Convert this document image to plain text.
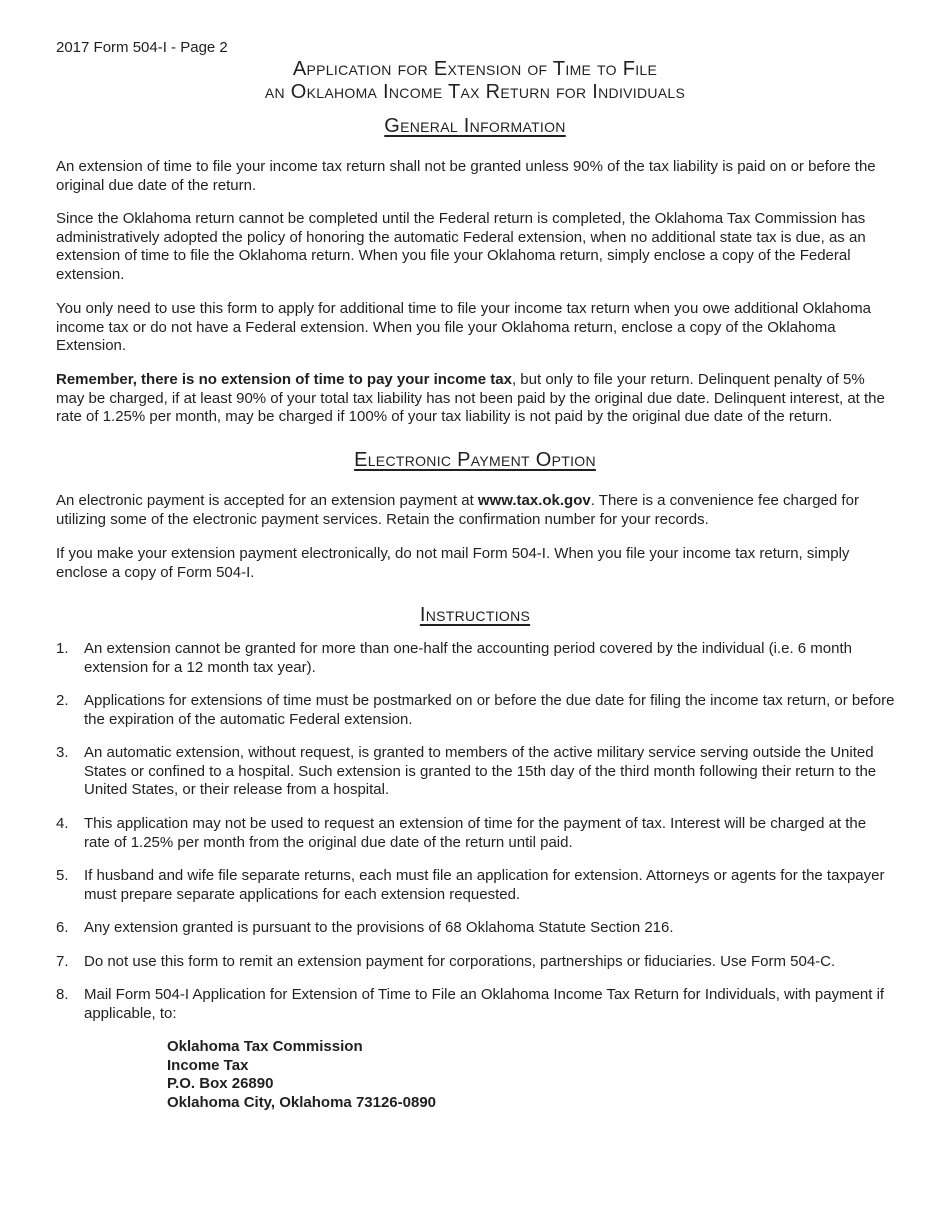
2017 Form 504-I - Page 2
Application for Extension of Time to File
an Oklahoma Income Tax Return for Individuals
General Information

An extension of time to file your income tax return shall not be granted unless 90% of the tax liability is paid on or before the original due date of the return.

Since the Oklahoma return cannot be completed until the Federal return is completed, the Oklahoma Tax Commission has administratively adopted the policy of honoring the automatic Federal extension, when no additional state tax is due, as an extension of time to file the Oklahoma return. When you file your Oklahoma return, simply enclose a copy of the Federal extension.

You only need to use this form to apply for additional time to file your income tax return when you owe additional Oklahoma income tax or do not have a Federal extension. When you file your Oklahoma return, enclose a copy of the Oklahoma Extension.

Remember, there is no extension of time to pay your income tax, but only to file your return. Delinquent penalty of 5% may be charged, if at least 90% of your total tax liability has not been paid by the original due date. Delinquent interest, at the rate of 1.25% per month, may be charged if 100% of your tax liability is not paid by the original due date of the return.

Electronic Payment Option

An electronic payment is accepted for an extension payment at www.tax.ok.gov. There is a convenience fee charged for utilizing some of the electronic payment services. Retain the confirmation number for your records.

If you make your extension payment electronically, do not mail Form 504-I. When you file your income tax return, simply enclose a copy of Form 504-I.

Instructions
1. An extension cannot be granted for more than one-half the accounting period covered by the individual (i.e. 6 month extension for a 12 month tax year).
2. Applications for extensions of time must be postmarked on or before the due date for filing the income tax return, or before the expiration of the automatic Federal extension.
3. An automatic extension, without request, is granted to members of the active military service serving outside the United States or confined to a hospital. Such extension is granted to the 15th day of the third month following their return to the United States, or their release from a hospital.
4. This application may not be used to request an extension of time for the payment of tax. Interest will be charged at the rate of 1.25% per month from the original due date of the return until paid.
5. If husband and wife file separate returns, each must file an application for extension. Attorneys or agents for the taxpayer must prepare separate applications for each extension requested.
6. Any extension granted is pursuant to the provisions of 68 Oklahoma Statute Section 216.
7. Do not use this form to remit an extension payment for corporations, partnerships or fiduciaries. Use Form 504-C.
8. Mail Form 504-I Application for Extension of Time to File an Oklahoma Income Tax Return for Individuals, with payment if applicable, to:
Oklahoma Tax Commission
Income Tax
P.O. Box 26890
Oklahoma City, Oklahoma 73126-0890
